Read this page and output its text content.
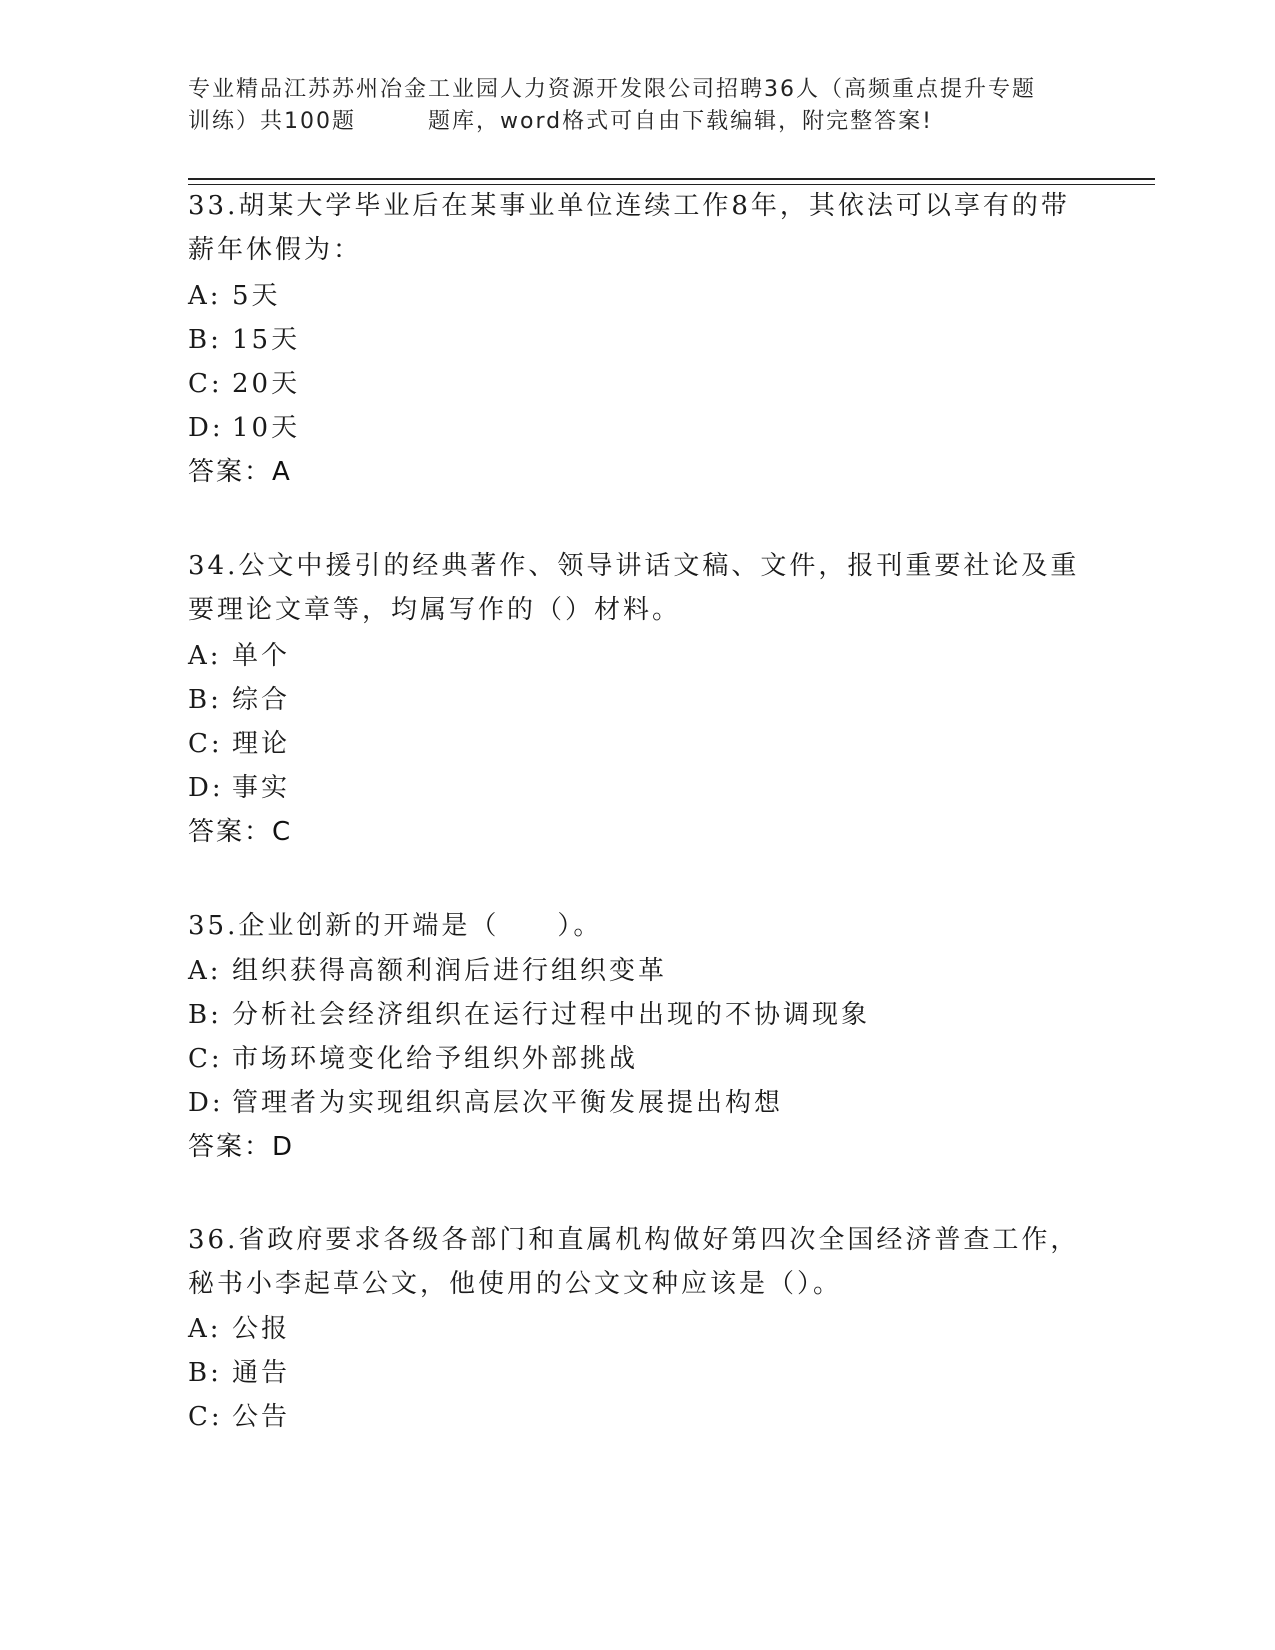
专业精品江苏苏州冶金工业园人力资源开发限公司招聘36人（高频重点提升专题
训练）共100题	题库，word格式可自由下载编辑，附完整答案!
33.胡某大学毕业后在某事业单位连续工作8年，其依法可以享有的带
薪年休假为：
A: 5天
B: 15天
C: 20天
D: 10天
答案：A
34.公文中援引的经典著作、领导讲话文稿、文件，报刊重要社论及重
要理论文章等，均属写作的（）材料。
A: 单个
B: 综合
C: 理论
D: 事实
答案：C
35.企业创新的开端是（　　）。
A: 组织获得高额利润后进行组织变革
B: 分析社会经济组织在运行过程中出现的不协调现象
C: 市场环境变化给予组织外部挑战
D: 管理者为实现组织高层次平衡发展提出构想
答案：D
36.省政府要求各级各部门和直属机构做好第四次全国经济普查工作，
秘书小李起草公文，他使用的公文文种应该是（）。
A: 公报
B: 通告
C: 公告
